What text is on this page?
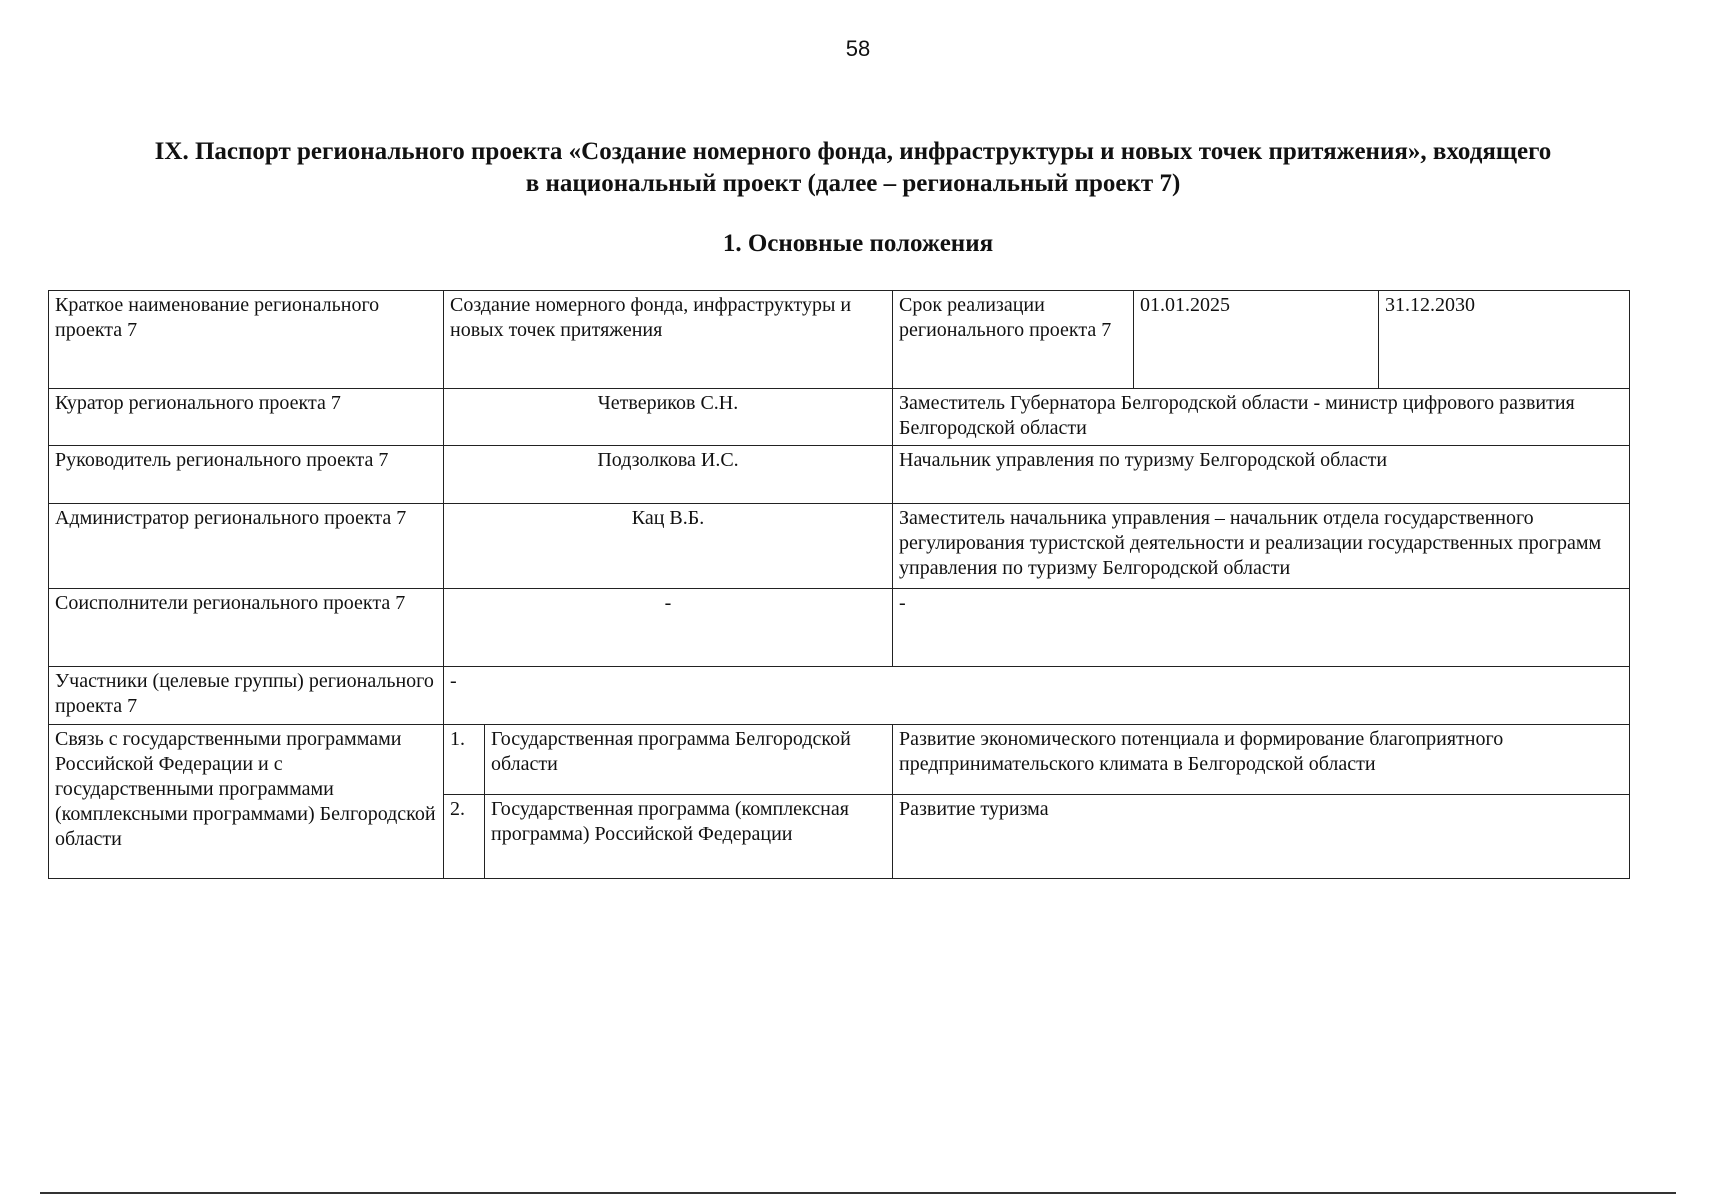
58
IX. Паспорт регионального проекта «Создание номерного фонда, инфраструктуры и новых точек притяжения», входящего
в национальный проект (далее – региональный проект 7)
1. Основные положения
Краткое наименование регионального проекта 7	Создание номерного фонда, инфраструктуры и новых точек притяжения		Срок реализации регионального проекта 7	01.01.2025	31.12.2030
Куратор регионального проекта 7	Четвериков С.Н.		Заместитель Губернатора Белгородской области - министр цифрового развития Белгородской области		
Руководитель регионального проекта 7	Подзолкова И.С.		Начальник управления по туризму Белгородской области		
Администратор регионального проекта 7	Кац В.Б.		Заместитель начальника управления – начальник отдела государственного регулирования туристской деятельности и реализации государственных программ управления по туризму Белгородской области		
Соисполнители регионального проекта 7	-		-		
Участники (целевые группы) регионального проекта 7	-				
Связь с государственными программами Российской Федерации и с государственными программами (комплексными программами) Белгородской области	1.	Государственная программа Белгородской области	Развитие экономического потенциала и формирование благоприятного предпринимательского климата в Белгородской области		
	2.	Государственная программа (комплексная программа) Российской Федерации	Развитие туризма		
